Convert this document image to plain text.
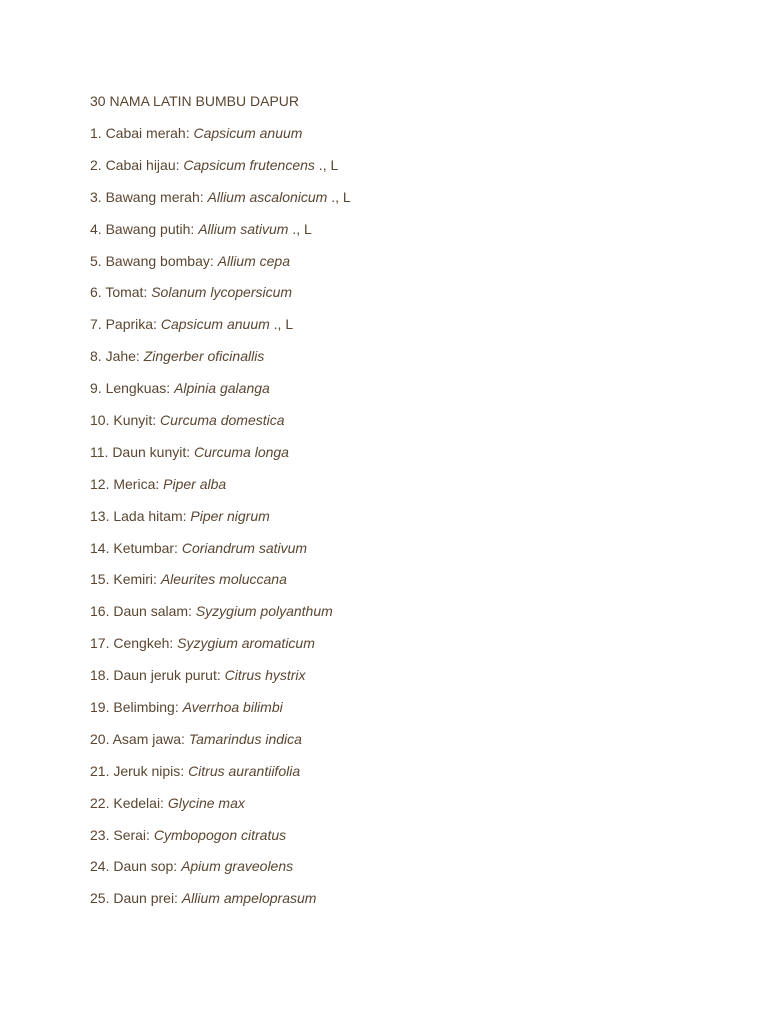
30 NAMA LATIN BUMBU DAPUR
1. Cabai merah: Capsicum anuum
2. Cabai hijau: Capsicum frutencens ., L
3. Bawang merah: Allium ascalonicum ., L
4. Bawang putih: Allium sativum ., L
5. Bawang bombay: Allium cepa
6. Tomat: Solanum lycopersicum
7. Paprika: Capsicum anuum ., L
8. Jahe: Zingerber oficinallis
9. Lengkuas: Alpinia galanga
10. Kunyit: Curcuma domestica
11. Daun kunyit: Curcuma longa
12. Merica: Piper alba
13. Lada hitam: Piper nigrum
14. Ketumbar: Coriandrum sativum
15. Kemiri: Aleurites moluccana
16. Daun salam: Syzygium polyanthum
17. Cengkeh: Syzygium aromaticum
18. Daun jeruk purut: Citrus hystrix
19. Belimbing: Averrhoa bilimbi
20. Asam jawa: Tamarindus indica
21. Jeruk nipis: Citrus aurantiifolia
22. Kedelai: Glycine max
23. Serai: Cymbopogon citratus
24. Daun sop: Apium graveolens
25. Daun prei: Allium ampeloprasum
